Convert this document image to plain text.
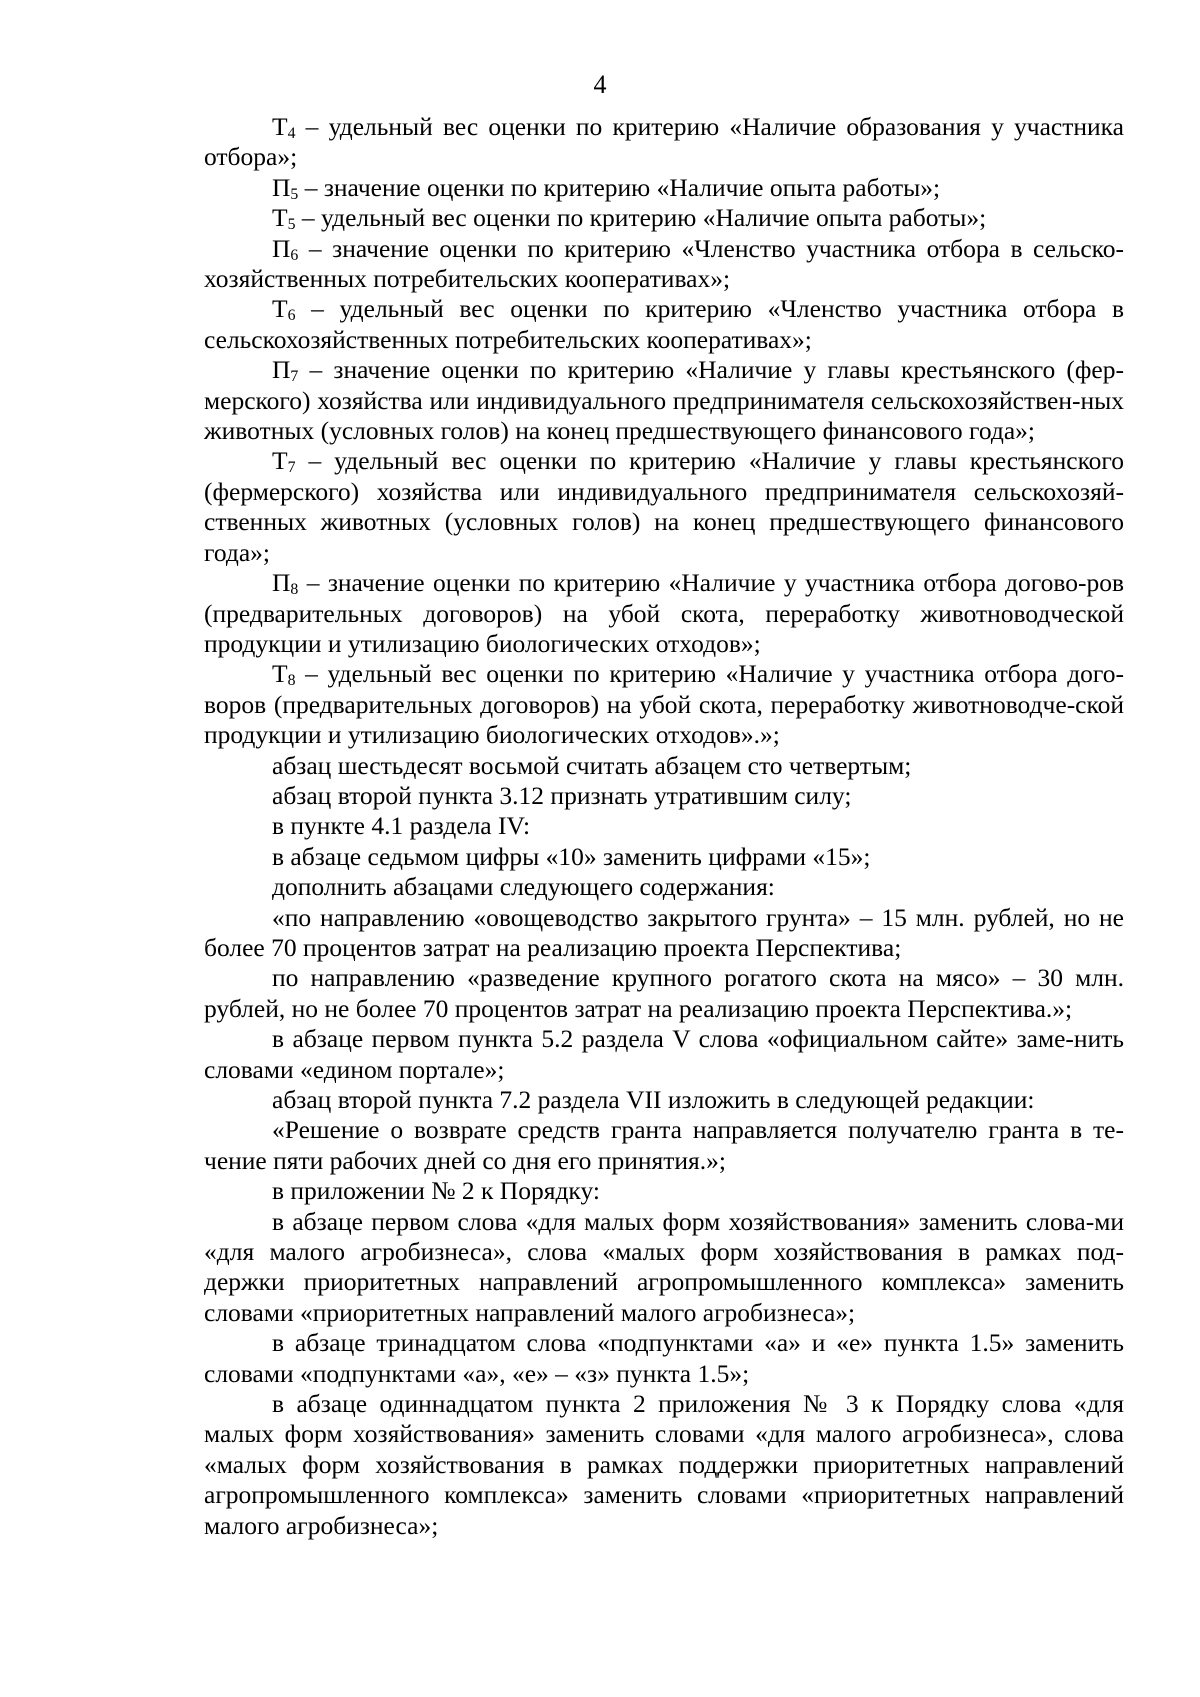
4

Т4 – удельный вес оценки по критерию «Наличие образования у участника отбора»;

П5 – значение оценки по критерию «Наличие опыта работы»;

Т5 – удельный вес оценки по критерию «Наличие опыта работы»;

П6 – значение оценки по критерию «Членство участника отбора в сельско-хозяйственных потребительских кооперативах»;

Т6 – удельный вес оценки по критерию «Членство участника отбора в сельскохозяйственных потребительских кооперативах»;

П7 – значение оценки по критерию «Наличие у главы крестьянского (фер-мерского) хозяйства или индивидуального предпринимателя сельскохозяйствен-ных животных (условных голов) на конец предшествующего финансового года»;

Т7 – удельный вес оценки по критерию «Наличие у главы крестьянского (фермерского) хозяйства или индивидуального предпринимателя сельскохозяй-ственных животных (условных голов) на конец предшествующего финансового года»;

П8 – значение оценки по критерию «Наличие у участника отбора догово-ров (предварительных договоров) на убой скота, переработку животноводческой продукции и утилизацию биологических отходов»;

Т8 – удельный вес оценки по критерию «Наличие у участника отбора дого-воров (предварительных договоров) на убой скота, переработку животноводче-ской продукции и утилизацию биологических отходов».»;

абзац шестьдесят восьмой считать абзацем сто четвертым;

абзац второй пункта 3.12 признать утратившим силу;

в пункте 4.1 раздела IV:

в абзаце седьмом цифры «10» заменить цифрами «15»;

дополнить абзацами следующего содержания:

«по направлению «овощеводство закрытого грунта» – 15 млн. рублей, но не более 70 процентов затрат на реализацию проекта Перспектива;

по направлению «разведение крупного рогатого скота на мясо» – 30 млн. рублей, но не более 70 процентов затрат на реализацию проекта Перспектива.»;

в абзаце первом пункта 5.2 раздела V слова «официальном сайте» заме-нить словами «едином портале»;

абзац второй пункта 7.2 раздела VII изложить в следующей редакции:

«Решение о возврате средств гранта направляется получателю гранта в те-чение пяти рабочих дней со дня его принятия.»;

в приложении № 2 к Порядку:

в абзаце первом слова «для малых форм хозяйствования» заменить слова-ми «для малого агробизнеса», слова «малых форм хозяйствования в рамках под-держки приоритетных направлений агропромышленного комплекса» заменить словами «приоритетных направлений малого агробизнеса»;

в абзаце тринадцатом слова «подпунктами «а» и «е» пункта 1.5» заменить словами «подпунктами «а», «е» – «з» пункта 1.5»;

в абзаце одиннадцатом пункта 2 приложения № 3 к Порядку слова «для малых форм хозяйствования» заменить словами «для малого агробизнеса», слова «малых форм хозяйствования в рамках поддержки приоритетных направлений агропромышленного комплекса» заменить словами «приоритетных направлений малого агробизнеса»;
